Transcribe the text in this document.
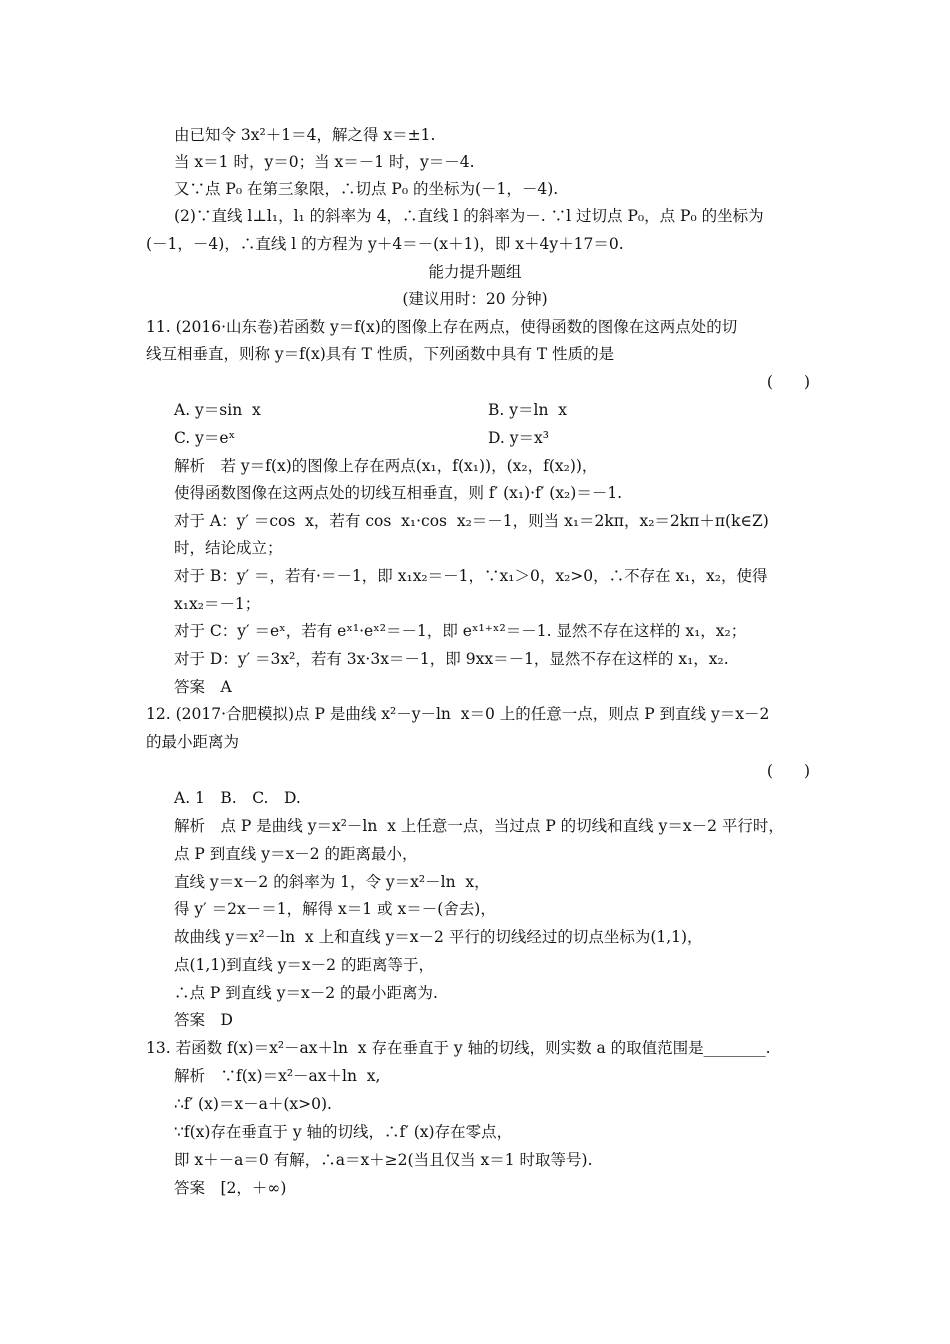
由已知令 3x²＋1＝4，解之得 x＝±1.
当 x＝1 时，y＝0；当 x＝－1 时，y＝－4.
又∵点 P₀ 在第三象限，∴切点 P₀ 的坐标为(－1，－4).
(2)∵直线 l⊥l₁，l₁ 的斜率为 4，∴直线 l 的斜率为－. ∵l 过切点 P₀，点 P₀ 的坐标为
(－1，－4)，∴直线 l 的方程为 y＋4＝－(x＋1)，即 x＋4y＋17＝0.
能力提升题组
(建议用时：20 分钟)
11. (2016·山东卷)若函数 y＝f(x)的图像上存在两点，使得函数的图像在这两点处的切
线互相垂直，则称 y＝f(x)具有 T 性质，下列函数中具有 T 性质的是
(　　)
A. y＝sin  x	B. y＝ln  x
C. y＝eˣ	D. y＝x³
解析　若 y＝f(x)的图像上存在两点(x₁，f(x₁))，(x₂，f(x₂))，
使得函数图像在这两点处的切线互相垂直，则 f′ (x₁)·f′ (x₂)＝－1.
对于 A：y′ ＝cos  x，若有 cos  x₁·cos  x₂＝－1，则当 x₁＝2kπ，x₂＝2kπ＋π(k∈Z)
时，结论成立；
对于 B：y′ ＝，若有·＝－1，即 x₁x₂＝－1，∵x₁＞0，x₂>0，∴不存在 x₁，x₂，使得
x₁x₂＝－1；
对于 C：y′ ＝eˣ，若有 eˣ¹·eˣ²＝－1，即 eˣ¹⁺ˣ²＝－1. 显然不存在这样的 x₁，x₂；
对于 D：y′ ＝3x²，若有 3x·3x＝－1，即 9xx＝－1，显然不存在这样的 x₁，x₂.
答案　A
12. (2017·合肥模拟)点 P 是曲线 x²－y－ln  x＝0 上的任意一点，则点 P 到直线 y＝x－2
的最小距离为
(　　)
A. 1　B.　C.　D.
解析　点 P 是曲线 y＝x²－ln  x 上任意一点，当过点 P 的切线和直线 y＝x－2 平行时，
点 P 到直线 y＝x－2 的距离最小，
直线 y＝x－2 的斜率为 1，令 y＝x²－ln  x，
得 y′ ＝2x－＝1，解得 x＝1 或 x＝－(舍去)，
故曲线 y＝x²－ln  x 上和直线 y＝x－2 平行的切线经过的切点坐标为(1,1)，
点(1,1)到直线 y＝x－2 的距离等于，
∴点 P 到直线 y＝x－2 的最小距离为.
答案　D
13. 若函数 f(x)＝x²－ax＋ln  x 存在垂直于 y 轴的切线，则实数 a 的取值范围是________.
解析　∵f(x)＝x²－ax＋ln  x,
∴f′ (x)＝x－a＋(x>0).
∵f(x)存在垂直于 y 轴的切线，∴f′ (x)存在零点，
即 x＋－a＝0 有解，∴a＝x＋≥2(当且仅当 x＝1 时取等号).
答案　[2，＋∞)
